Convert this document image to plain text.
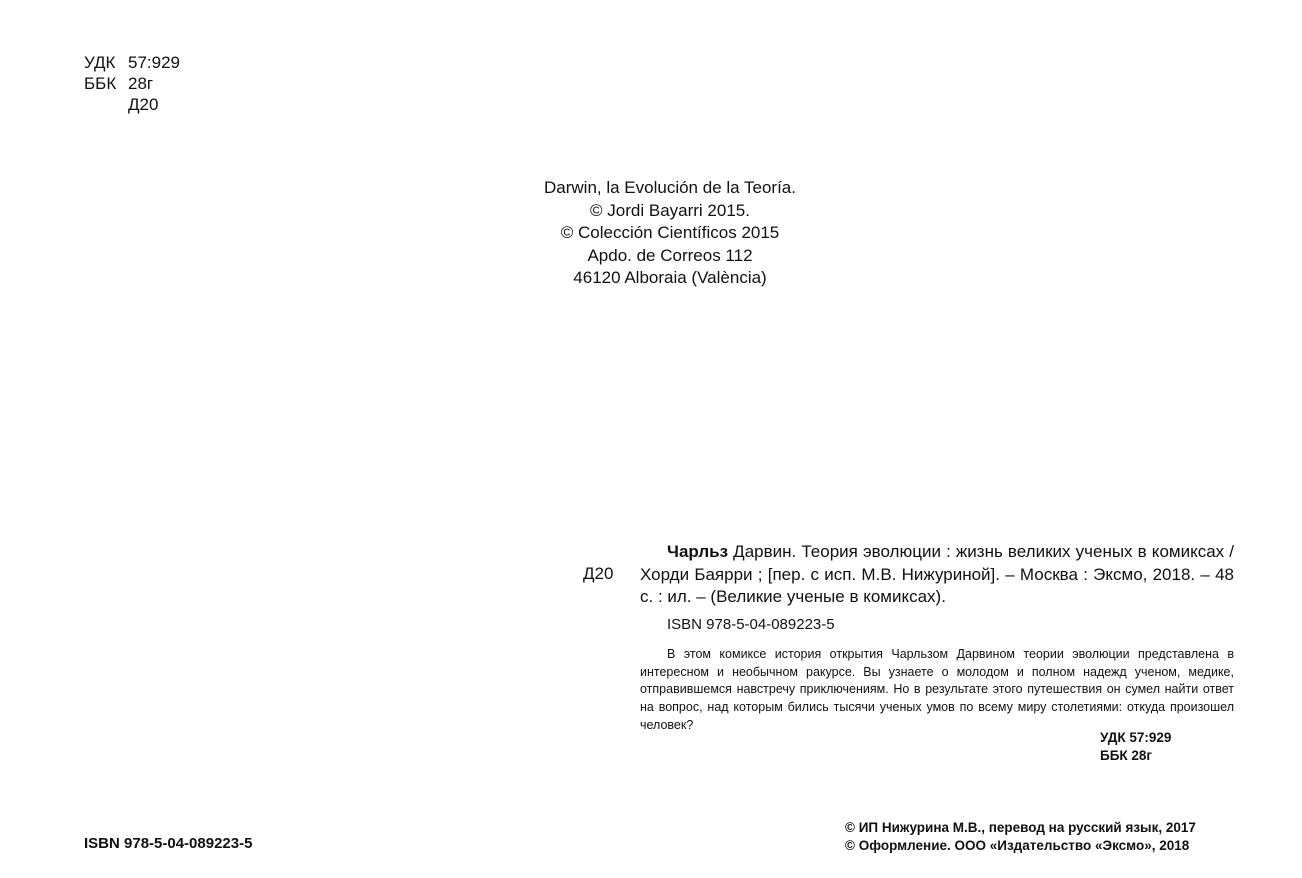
УДК 57:929
ББК 28г
Д20
Darwin, la Evolución de la Teoría.
© Jordi Bayarri 2015.
© Colección Científicos 2015
Apdo. de Correos 112
46120 Alboraia (València)
Д20
Чарльз Дарвин. Теория эволюции : жизнь великих ученых в комиксах / Хорди Баярри ; [пер. с исп. М.В. Нижуриной]. – Москва : Эксмо, 2018. – 48 с. : ил. – (Великие ученые в комиксах).
ISBN 978-5-04-089223-5
В этом комиксе история открытия Чарльзом Дарвином теории эволюции представлена в интересном и необычном ракурсе. Вы узнаете о молодом и полном надежд ученом, медике, отправившемся навстречу приключениям. Но в результате этого путешествия он сумел найти ответ на вопрос, над которым бились тысячи ученых умов по всему миру столетиями: откуда произошел человек?
УДК 57:929
ББК 28г
ISBN 978-5-04-089223-5
© ИП Нижурина М.В., перевод на русский язык, 2017
© Оформление. ООО «Издательство «Эксмо», 2018
